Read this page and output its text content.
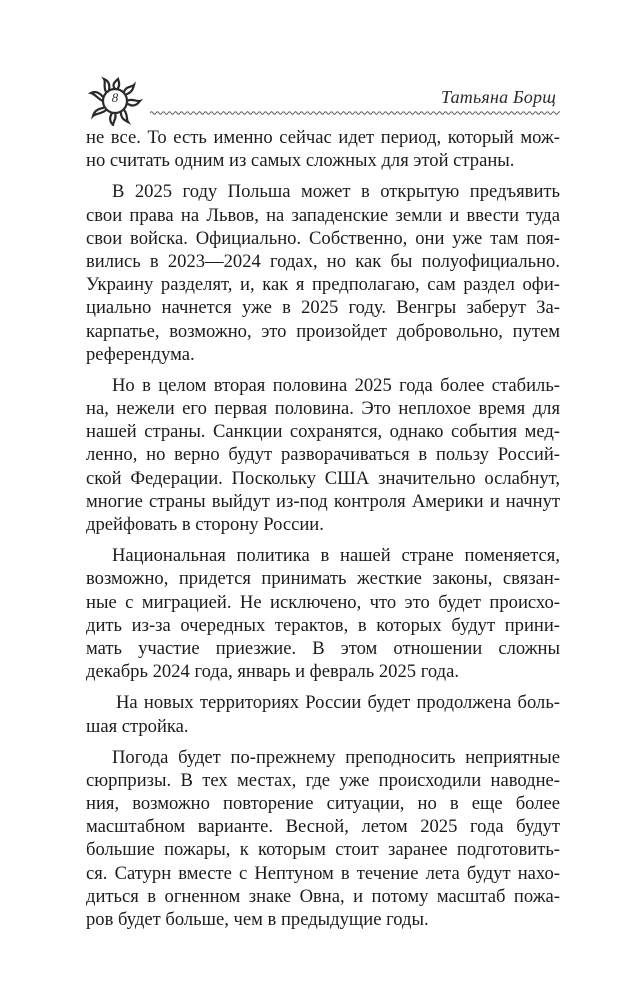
8	Татьяна Борщ
не все. То есть именно сейчас идет период, который мож-
но считать одним из самых сложных для этой страны.
В 2025 году Польша может в открытую предъявить
свои права на Львов, на западенские земли и ввести туда
свои войска. Официально. Собственно, они уже там поя-
вились в 2023—2024 годах, но как бы полуофициально.
Украину разделят, и, как я предполагаю, сам раздел офи-
циально начнется уже в 2025 году. Венгры заберут За-
карпатье, возможно, это произойдет добровольно, путем
референдума.
Но в целом вторая половина 2025 года более стабиль-
на, нежели его первая половина. Это неплохое время для
нашей страны. Санкции сохранятся, однако события мед-
ленно, но верно будут разворачиваться в пользу Россий-
ской Федерации. Поскольку США значительно ослабнут,
многие страны выйдут из-под контроля Америки и начнут
дрейфовать в сторону России.
Национальная политика в нашей стране поменяется,
возможно, придется принимать жесткие законы, связан-
ные с миграцией. Не исключено, что это будет происхо-
дить из-за очередных терактов, в которых будут прини-
мать участие приезжие. В этом отношении сложны
декабрь 2024 года, январь и февраль 2025 года.
На новых территориях России будет продолжена боль-
шая стройка.
Погода будет по-прежнему преподносить неприятные
сюрпризы. В тех местах, где уже происходили наводне-
ния, возможно повторение ситуации, но в еще более
масштабном варианте. Весной, летом 2025 года будут
большие пожары, к которым стоит заранее подготовить-
ся. Сатурн вместе с Нептуном в течение лета будут нахо-
диться в огненном знаке Овна, и потому масштаб пожа-
ров будет больше, чем в предыдущие годы.
